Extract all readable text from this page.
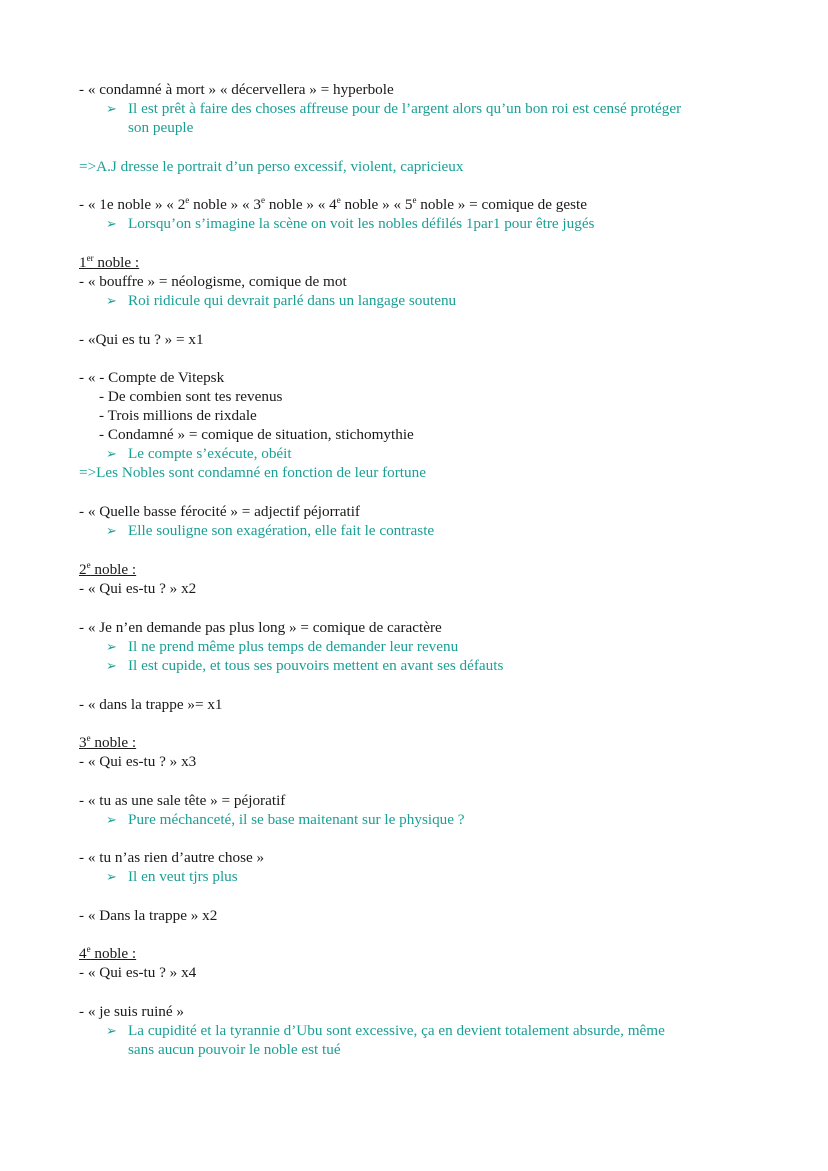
- « condamné à mort » « décervellera » = hyperbole
➢ Il est prêt à faire des choses affreuse pour de l’argent alors qu’un bon roi est censé protéger
son peuple
=>A.J dresse le portrait d’un perso excessif, violent, capricieux
- « 1e noble » « 2e noble » « 3e noble » « 4e noble » « 5e noble » = comique de geste
➢ Lorsqu’on s’imagine la scène on voit les nobles défilés 1par1 pour être jugés
1er noble :
- « bouffre » = néologisme, comique de mot
➢ Roi ridicule qui devrait parlé dans un langage soutenu
- «Qui es tu ? » = x1
- « - Compte de Vitepsk
- De combien sont tes revenus
- Trois millions de rixdale
- Condamné » = comique de situation, stichomythie
➢ Le compte s’exécute, obéit
=>Les Nobles sont condamné en fonction de leur fortune
- « Quelle basse férocité » = adjectif péjorratif
➢ Elle souligne son exagération, elle fait le contraste
2e noble :
- « Qui es-tu ? » x2
- « Je n’en demande pas plus long » = comique de caractère
➢ Il ne prend même plus temps de demander leur revenu
➢ Il est cupide, et tous ses pouvoirs mettent en avant ses défauts
- « dans la trappe »= x1
3e noble :
- « Qui es-tu ? » x3
- « tu as une sale tête » = péjoratif
➢ Pure méchanceté, il se base maitenant sur le physique ?
- « tu n’as rien d’autre chose »
➢ Il en veut tjrs plus
- « Dans la trappe » x2
4e noble :
- « Qui es-tu ? » x4
- « je suis ruiné »
➢ La cupidité et la tyrannie d’Ubu sont excessive, ça en devient totalement absurde, même
sans aucun pouvoir le noble est tué
